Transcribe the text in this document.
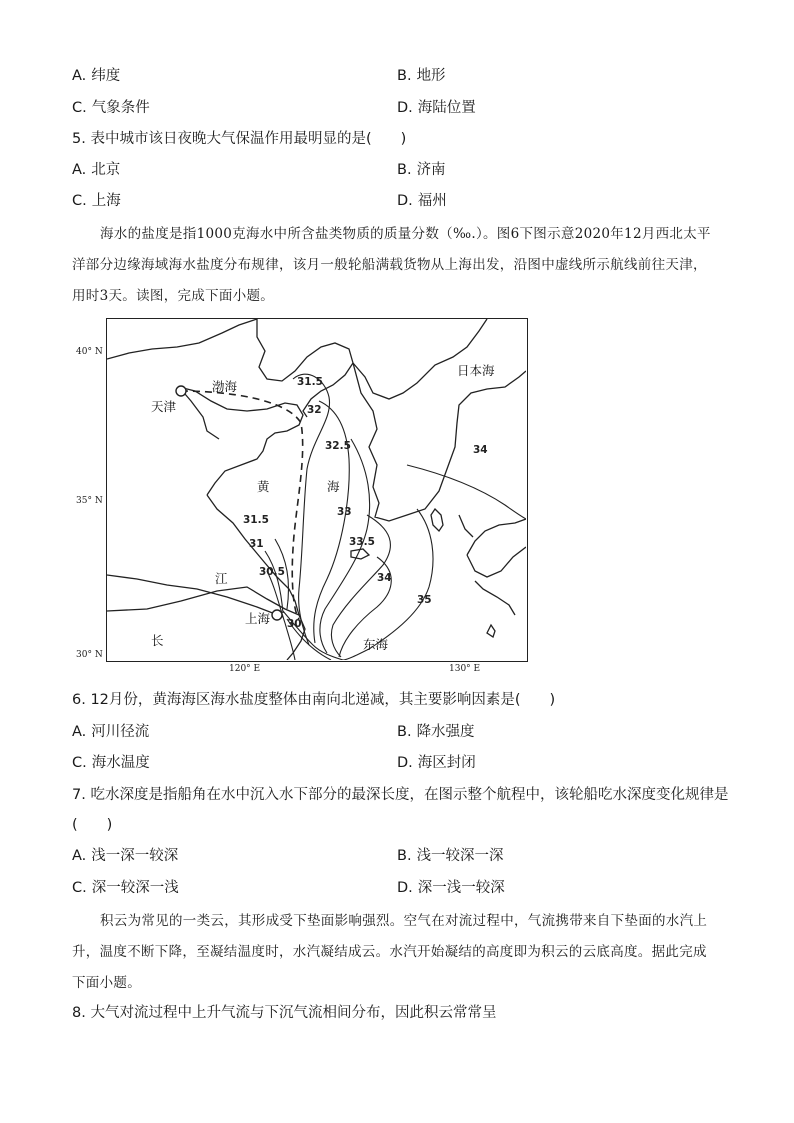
A. 纬度	B. 地形
C. 气象条件	D. 海陆位置
5. 表中城市该日夜晚大气保温作用最明显的是(　　)
A. 北京	B. 济南
C. 上海	D. 福州
海水的盐度是指1000克海水中所含盐类物质的质量分数（‰.）。图6下图示意2020年12月西北太平
洋部分边缘海域海水盐度分布规律，该月一般轮船满载货物从上海出发，沿图中虚线所示航线前往天津，
用时3天。读图，完成下面小题。
40° N
35° N
30° N
120° E	130° E
天津
渤海
日本海
黄	海
江
上海
长	东海
31.5
32
32.5
33
33.5
34
34
35
31.5
31
30.5
30
6. 12月份，黄海海区海水盐度整体由南向北递减，其主要影响因素是(　　)
A. 河川径流	B. 降水强度
C. 海水温度	D. 海区封闭
7. 吃水深度是指船角在水中沉入水下部分的最深长度，在图示整个航程中，该轮船吃水深度变化规律是
(　　)
A. 浅一深一较深	B. 浅一较深一深
C. 深一较深一浅	D. 深一浅一较深
积云为常见的一类云，其形成受下垫面影响强烈。空气在对流过程中，气流携带来自下垫面的水汽上
升，温度不断下降，至凝结温度时，水汽凝结成云。水汽开始凝结的高度即为积云的云底高度。据此完成
下面小题。
8. 大气对流过程中上升气流与下沉气流相间分布，因此积云常常呈
